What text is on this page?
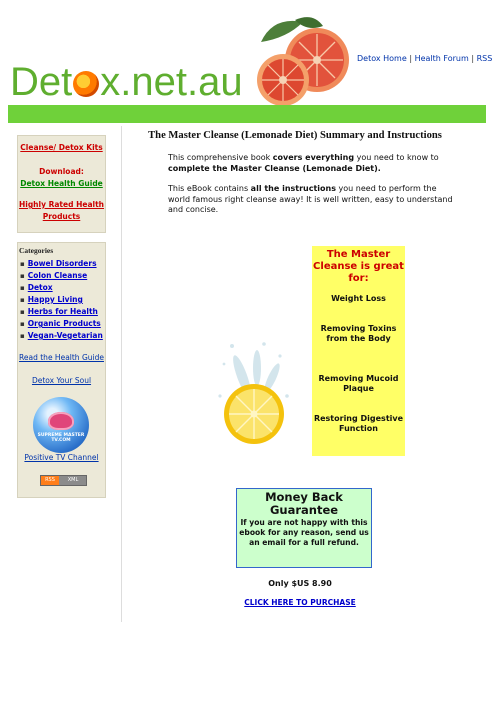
Det x.net.au
Detox Home | Health Forum | RSS
Cleanse/ Detox Kits
Download:
Detox Health Guide
Highly Rated Health
Products
Categories
▪ Bowel Disorders
▪ Colon Cleanse
▪ Detox
▪ Happy Living
▪ Herbs for Health
▪ Organic Products
▪ Vegan-Vegetarian
Read the Health Guide
Detox Your Soul
SUPREME MASTER TV.COM
Positive TV Channel
RSS	XML
The Master Cleanse (Lemonade Diet) Summary and Instructions
This comprehensive book covers everything you need to know to complete the Master Cleanse (Lemonade Diet).
This eBook contains all the instructions you need to perform the world famous right cleanse away! It is well written, easy to understand and concise.
The Master Cleanse is great for:
Weight Loss
Removing Toxins from the Body
Removing Mucoid Plaque
Restoring Digestive Function
Money Back Guarantee
If you are not happy with this ebook for any reason, send us an email for a full refund.
Only $US 8.90
CLICK HERE TO PURCHASE
